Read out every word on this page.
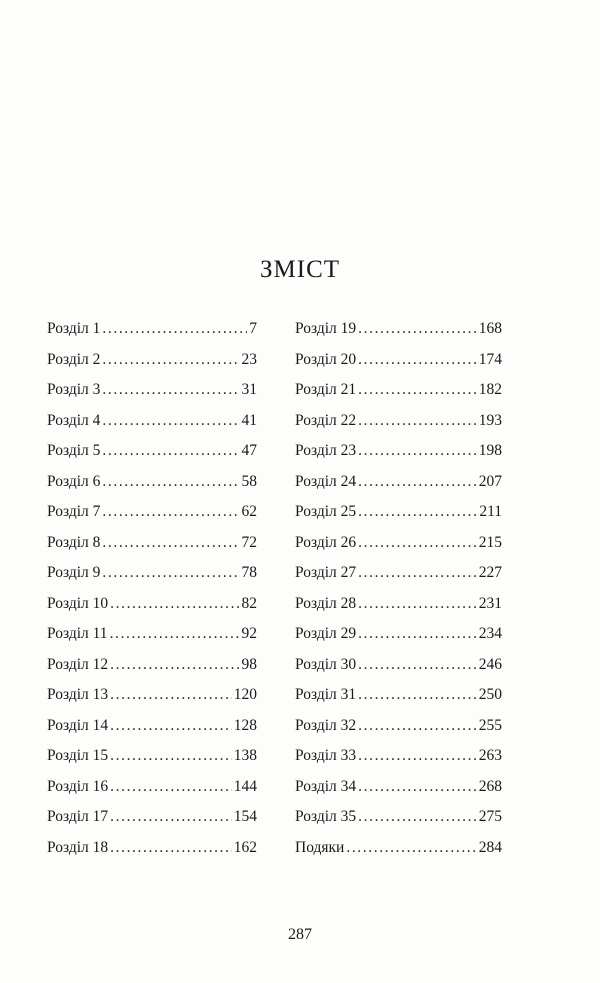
ЗМІСТ
Розділ 1 .....	7
Розділ 2 .....	23
Розділ 3 .....	31
Розділ 4 .....	41
Розділ 5 .....	47
Розділ 6 .....	58
Розділ 7 .....	62
Розділ 8 .....	72
Розділ 9 .....	78
Розділ 10 .....	82
Розділ 11 .....	92
Розділ 12 .....	98
Розділ 13 .....	120
Розділ 14 .....	128
Розділ 15 .....	138
Розділ 16 .....	144
Розділ 17 .....	154
Розділ 18 .....	162
Розділ 19 .....	168
Розділ 20 .....	174
Розділ 21 .....	182
Розділ 22 .....	193
Розділ 23 .....	198
Розділ 24 .....	207
Розділ 25 .....	211
Розділ 26 .....	215
Розділ 27 .....	227
Розділ 28 .....	231
Розділ 29 .....	234
Розділ 30 .....	246
Розділ 31 .....	250
Розділ 32 .....	255
Розділ 33 .....	263
Розділ 34 .....	268
Розділ 35 .....	275
Подяки .....	284
287
